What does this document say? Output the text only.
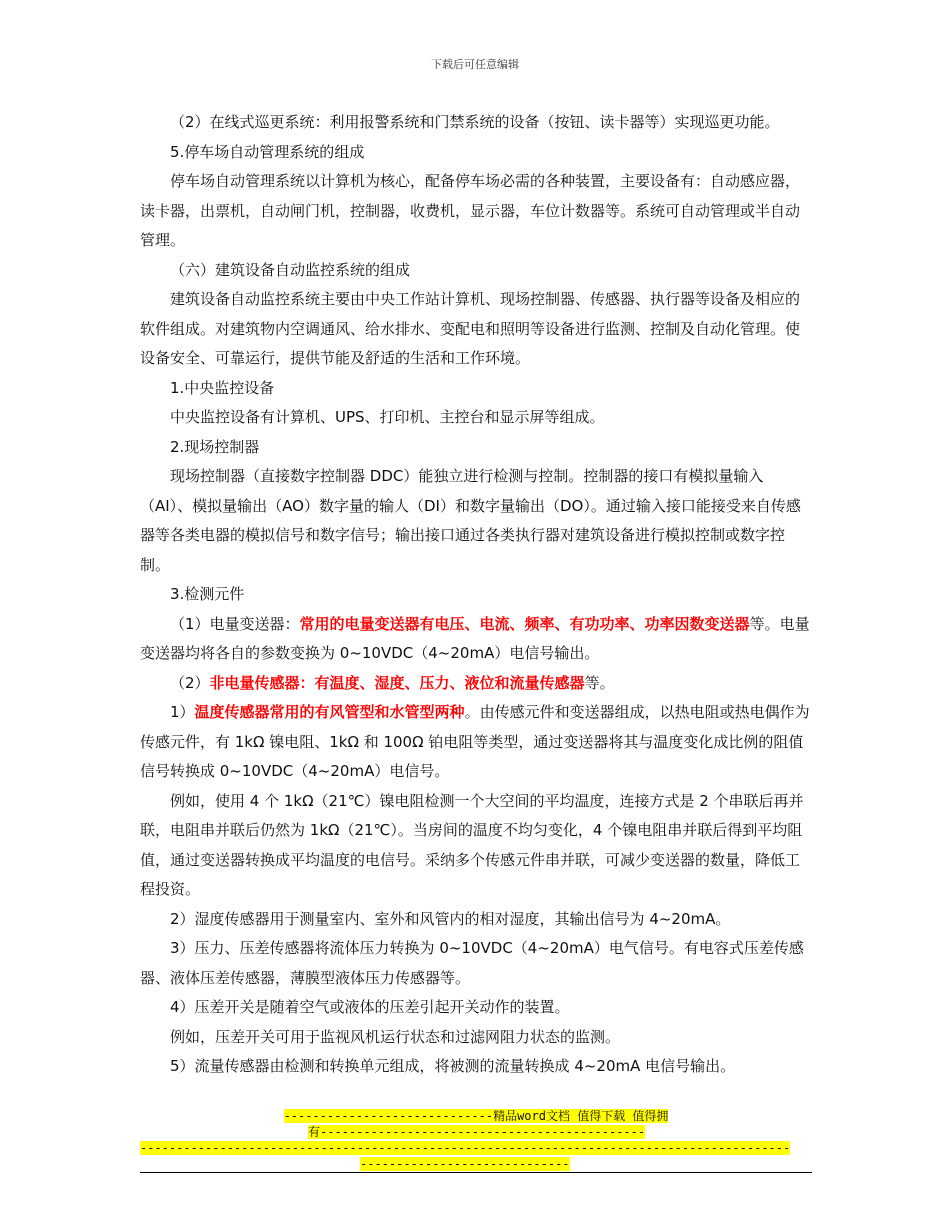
下载后可任意编辑

（2）在线式巡更系统：利用报警系统和门禁系统的设备（按钮、读卡器等）实现巡更功能。

5.停车场自动管理系统的组成

停车场自动管理系统以计算机为核心，配备停车场必需的各种装置，主要设备有：自动感应器，读卡器，出票机，自动闸门机，控制器，收费机，显示器，车位计数器等。系统可自动管理或半自动管理。

（六）建筑设备自动监控系统的组成

建筑设备自动监控系统主要由中央工作站计算机、现场控制器、传感器、执行器等设备及相应的软件组成。对建筑物内空调通风、给水排水、变配电和照明等设备进行监测、控制及自动化管理。使设备安全、可靠运行，提供节能及舒适的生活和工作环境。

1.中央监控设备

中央监控设备有计算机、UPS、打印机、主控台和显示屏等组成。

2.现场控制器

现场控制器（直接数字控制器 DDC）能独立进行检测与控制。控制器的接口有模拟量输入（AI）、模拟量输出（AO）数字量的输人（DI）和数字量输出（DO）。通过输入接口能接受来自传感器等各类电器的模拟信号和数字信号；输出接口通过各类执行器对建筑设备进行模拟控制或数字控制。

3.检测元件

（1）电量变送器：常用的电量变送器有电压、电流、频率、有功功率、功率因数变送器等。电量变送器均将各自的参数变换为 0~10VDC（4~20mA）电信号输出。

（2）非电量传感器：有温度、湿度、压力、液位和流量传感器等。

1）温度传感器常用的有风管型和水管型两种。由传感元件和变送器组成，以热电阻或热电偶作为传感元件，有 1kΩ 镍电阻、1kΩ 和 100Ω 铂电阻等类型，通过变送器将其与温度变化成比例的阻值信号转换成 0~10VDC（4~20mA）电信号。

例如，使用 4 个 1kΩ（21℃）镍电阻检测一个大空间的平均温度，连接方式是 2 个串联后再并联，电阻串并联后仍然为 1kΩ（21℃）。当房间的温度不均匀变化，4 个镍电阻串并联后得到平均阻值，通过变送器转换成平均温度的电信号。采纳多个传感元件串并联，可减少变送器的数量，降低工程投资。

2）湿度传感器用于测量室内、室外和风管内的相对湿度，其输出信号为 4~20mA。

3）压力、压差传感器将流体压力转换为 0~10VDC（4~20mA）电气信号。有电容式压差传感器、液体压差传感器，薄膜型液体压力传感器等。

4）压差开关是随着空气或液体的压差引起开关动作的装置。

例如，压差开关可用于监视风机运行状态和过滤网阻力状态的监测。

5）流量传感器由检测和转换单元组成，将被测的流量转换成 4~20mA 电信号输出。

-----------------------------精品word文档 值得下载 值得拥
有---------------------------------------------
------------------------------------------------------------------------------------------
-----------------------------
